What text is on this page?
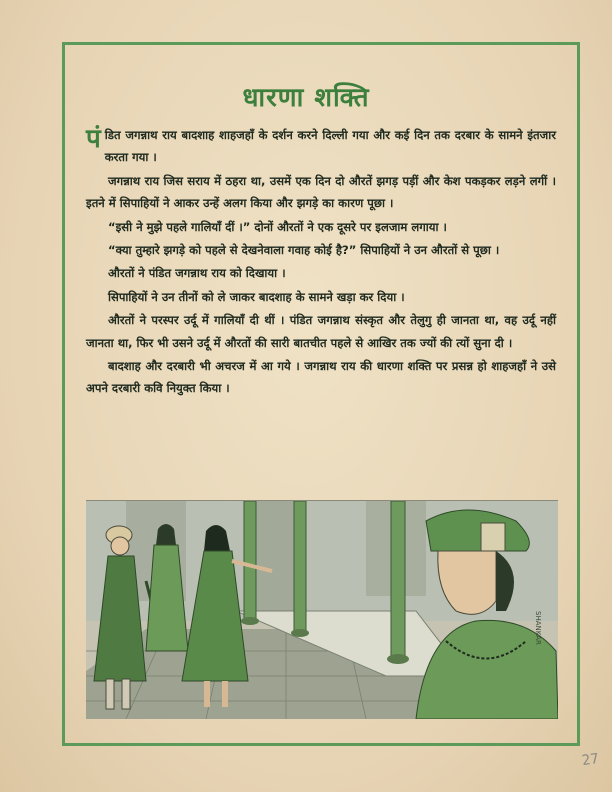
धारणा शक्ति

पंडित जगन्नाथ राय बादशाह शाहजहाँ के दर्शन करने दिल्ली गया और कई दिन तक दरबार के सामने इंतजार करता गया ।

जगन्नाथ राय जिस सराय में ठहरा था, उसमें एक दिन दो औरतें झगड़ पड़ीं और केश पकड़कर लड़ने लगीं । इतने में सिपाहियों ने आकर उन्हें अलग किया और झगड़े का कारण पूछा ।

“इसी ने मुझे पहले गालियाँ दीं ।” दोनों औरतों ने एक दूसरे पर इलजाम लगाया ।

“क्या तुम्हारे झगड़े को पहले से देखनेवाला गवाह कोई है?” सिपाहियों ने उन औरतों से पूछा ।

औरतों ने पंडित जगन्नाथ राय को दिखाया ।

सिपाहियों ने उन तीनों को ले जाकर बादशाह के सामने खड़ा कर दिया ।

औरतों ने परस्पर उर्दू में गालियाँ दी थीं । पंडित जगन्नाथ संस्कृत और तेलुगु ही जानता था, वह उर्दू नहीं जानता था, फिर भी उसने उर्दू में औरतों की सारी बातचीत पहले से आखिर तक ज्यों की त्यों सुना दी ।

बादशाह और दरबारी भी अचरज में आ गये । जगन्नाथ राय की धारणा शक्ति पर प्रसन्न हो शाहजहाँ ने उसे अपने दरबारी कवि नियुक्त किया ।

SHANKAR
27
